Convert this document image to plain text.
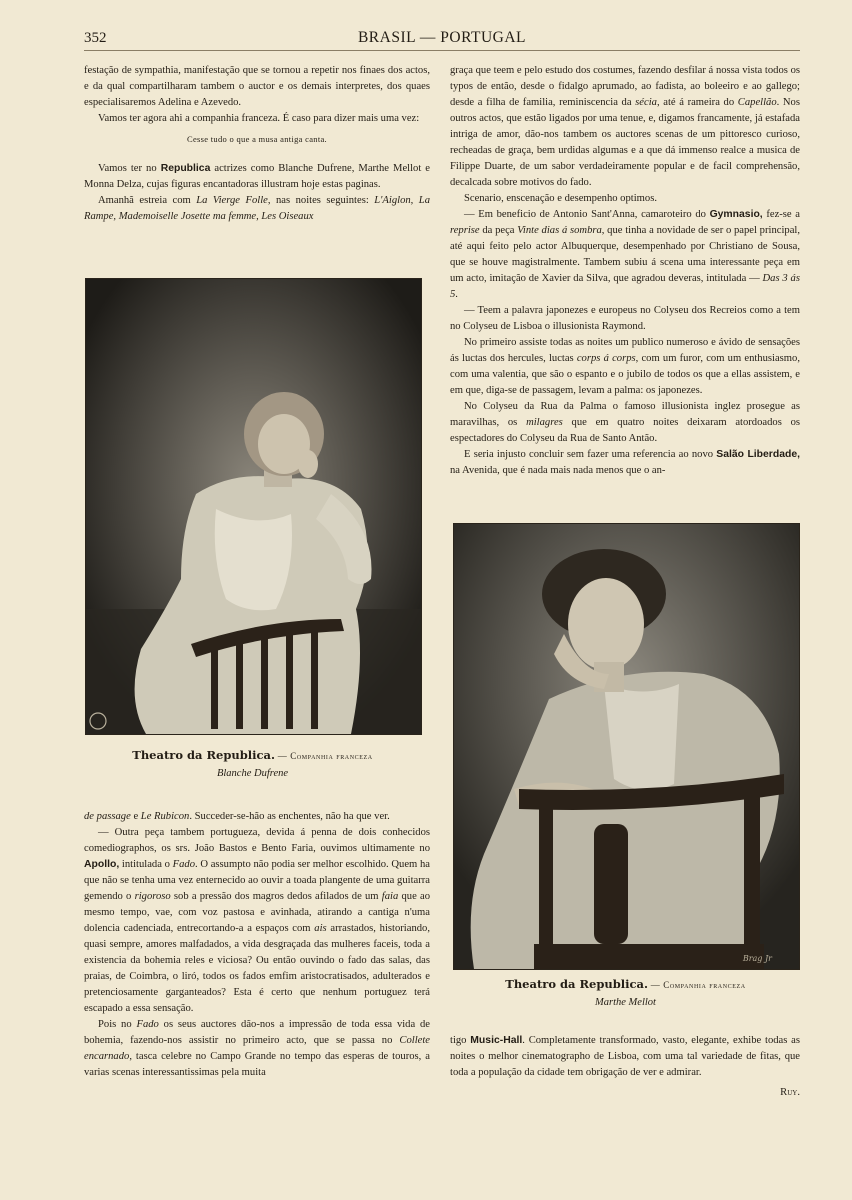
352	BRASIL — PORTUGAL

festação de sympathia, manifestação que se tornou a repetir nos finaes dos actos, e da qual compartilharam tambem o auctor e os demais interpretes, dos quaes especialisaremos Adelina e Azevedo.

Vamos ter agora ahi a companhia franceza. É caso para dizer mais uma vez:

Cesse tudo o que a musa antiga canta.

Vamos ter no Republica actrizes como Blanche Dufrene, Marthe Mellot e Monna Delza, cujas figuras encantadoras illustram hoje estas paginas.

Amanhã estreia com La Vierge Folle, nas noites seguintes: L'Aiglon, La Rampe, Mademoiselle Josette ma femme, Les Oiseaux

Theatro da Republica. — Companhia franceza
Blanche Dufrene

de passage e Le Rubicon. Succeder-se-hão as enchentes, não ha que ver.

— Outra peça tambem portugueza, devida á penna de dois conhecidos comediographos, os srs. João Bastos e Bento Faria, ouvimos ultimamente no Apollo, intitulada o Fado. O assumpto não podia ser melhor escolhido. Quem ha que não se tenha uma vez enternecido ao ouvir a toada plangente de uma guitarra gemendo o rigoroso sob a pressão dos magros dedos afilados de um faia que ao mesmo tempo, vae, com voz pastosa e avinhada, atirando a cantiga n'uma dolencia cadenciada, entrecortando-a a espaços com ais arrastados, historiando, quasi sempre, amores malfadados, a vida desgraçada das mulheres faceis, toda a existencia da bohemia reles e viciosa? Ou então ouvindo o fado das salas, das praias, de Coimbra, o liró, todos os fados emfim aristocratisados, adulterados e pretenciosamente garganteados? Esta é certo que nenhum portuguez terá escapado a essa sensação.

Pois no Fado os seus auctores dão-nos a impressão de toda essa vida de bohemia, fazendo-nos assistir no primeiro acto, que se passa no Collete encarnado, tasca celebre no Campo Grande no tempo das esperas de touros, a varias scenas interessantissimas pela muita

graça que teem e pelo estudo dos costumes, fazendo desfilar á nossa vista todos os typos de então, desde o fidalgo aprumado, ao fadista, ao boleeiro e ao gallego; desde a filha de familia, reminiscencia da sécia, até á rameira do Capellão. Nos outros actos, que estão ligados por uma tenue, e, digamos francamente, já estafada intriga de amor, dão-nos tambem os auctores scenas de um pittoresco curioso, recheadas de graça, bem urdidas algumas e a que dá immenso realce a musica de Filippe Duarte, de um sabor verdadeiramente popular e de facil comprehensão, decalcada sobre motivos do fado.

Scenario, enscenação e desempenho optimos.

— Em beneficio de Antonio Sant'Anna, camaroteiro do Gymnasio, fez-se a reprise da peça Vinte dias á sombra, que tinha a novidade de ser o papel principal, até aqui feito pelo actor Albuquerque, desempenhado por Christiano de Sousa, que se houve magistralmente. Tambem subiu á scena uma interessante peça em um acto, imitação de Xavier da Silva, que agradou deveras, intitulada — Das 3 ás 5.

— Teem a palavra japonezes e europeus no Colyseu dos Recreios como a tem no Colyseu de Lisboa o illusionista Raymond.

No primeiro assiste todas as noites um publico numeroso e ávido de sensações ás luctas dos hercules, luctas corps á corps, com um furor, com um enthusiasmo, com uma valentia, que são o espanto e o jubilo de todos os que a ellas assistem, e em que, diga-se de passagem, levam a palma: os japonezes.

No Colyseu da Rua da Palma o famoso illusionista inglez prosegue as maravilhas, os milagres que em quatro noites deixaram atordoados os espectadores do Colyseu da Rua de Santo Antão.

E seria injusto concluir sem fazer uma referencia ao novo Salão Liberdade, na Avenida, que é nada mais nada menos que o an-

Brag Jr
Theatro da Republica. — Companhia franceza
Marthe Mellot

tigo Music-Hall. Completamente transformado, vasto, elegante, exhibe todas as noites o melhor cinematographo de Lisboa, com uma tal variedade de fitas, que toda a população da cidade tem obrigação de ver e admirar.

Ruy.
